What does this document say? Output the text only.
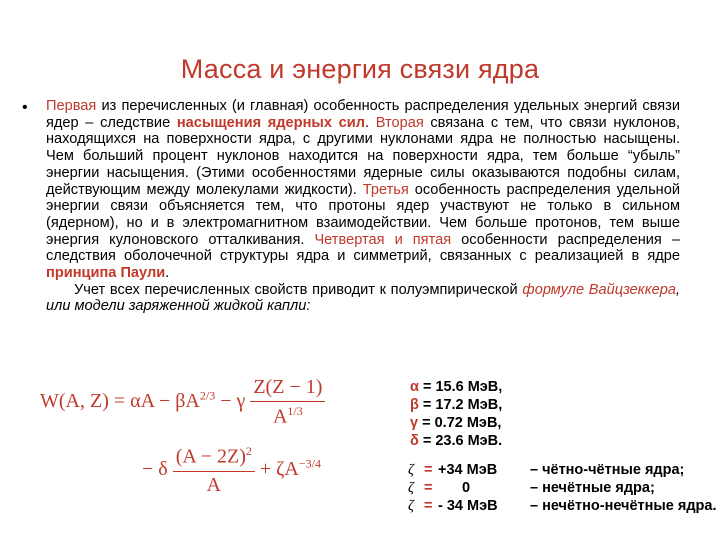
Масса и энергия связи ядра
• Первая из перечисленных (и главная) особенность распределения удельных энергий связи ядер – следствие насыщения ядерных сил. Вторая связана с тем, что связи нуклонов, находящихся на поверхности ядра, с другими нуклонами ядра не полностью насыщены. Чем больший процент нуклонов находится на поверхности ядра, тем больше “убыль” энергии насыщения. (Этими особенностями ядерные силы оказываются подобны силам, действующим между молекулами жидкости). Третья особенность распределения удельной энергии связи объясняется тем, что протоны ядер участвуют не только в сильном (ядерном), но и в электромагнитном взаимодействии. Чем больше протонов, тем выше энергия кулоновского отталкивания. Четвертая и пятая особенности распределения – следствия оболочечной структуры ядра и симметрий, связанных с реализацией в ядре принципа Паули.
Учет всех перечисленных свойств приводит к полуэмпирической формуле Вайцзеккера, или модели заряженной жидкой капли:
W(A, $Z) = \alpha A - \beta A^{2/3} - \gamma \frac{Z(Z - 1)}{A^{1/3}}$
− δ $\frac{(A - 2Z)^2}{A} + \zeta A^{-3/4}$
α = 15.6 МэВ,
β = 17.2 МэВ,
γ = 0.72 МэВ,
δ = 23.6 МэВ.
ζ = +34 МэВ	– чётно-чётные ядра;
ζ =	0	– нечётные ядра;
ζ = - 34 МэВ	– нечётно-нечётные ядра.
